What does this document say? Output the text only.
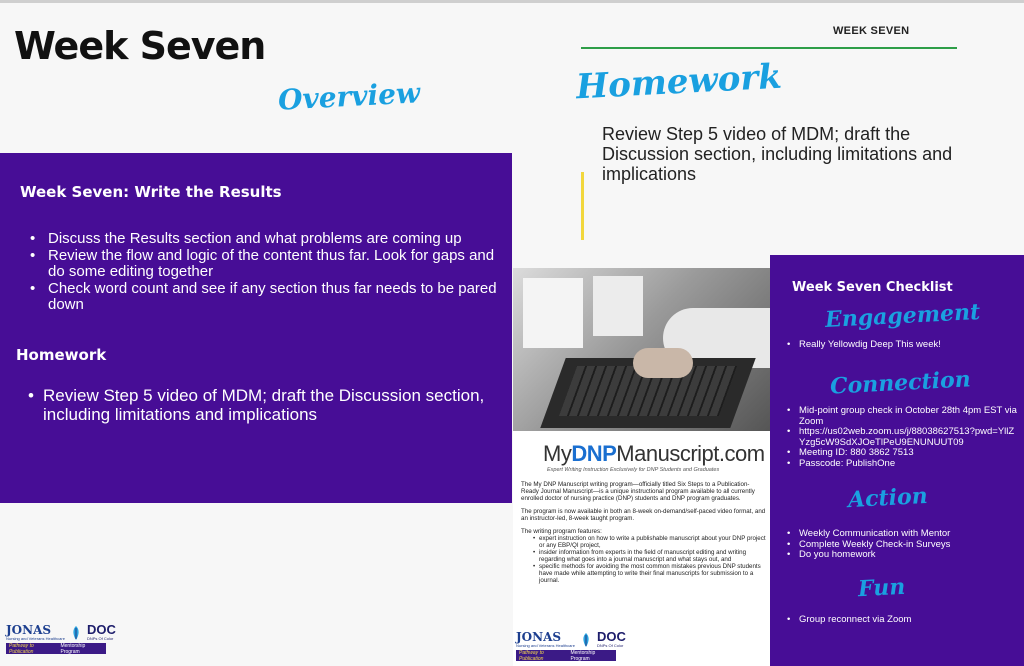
Week Seven
Overview
WEEK SEVEN
Homework
Review Step 5 video of MDM; draft the Discussion section, including limitations and implications
Week Seven: Write the Results
• Discuss the Results section and what problems are coming up
• Review the flow and logic of the content thus far. Look for gaps and do some editing together
• Check word count and see if any section thus far needs to be pared down
Homework
• Review Step 5 video of MDM; draft the Discussion section, including limitations and implications
JONAS
Nursing and Veterans Healthcare
DOC
DNPs Of Color
Pathway to Publication
Mentorship Program
MyDNPManuscript.com
Expert Writing Instruction Exclusively for DNP Students and Graduates

The My DNP Manuscript writing program—officially titled Six Steps to a Publication-Ready Journal Manuscript—is a unique instructional program available to all currently enrolled doctor of nursing practice (DNP) students and DNP program graduates.

The program is now available in both an 8-week on-demand/self-paced video format, and an instructor-led, 8-week taught program.

The writing program features:

• expert instruction on how to write a publishable manuscript about your DNP project or any EBP/QI project,
• insider information from experts in the field of manuscript editing and writing regarding what goes into a journal manuscript and what stays out, and
• specific methods for avoiding the most common mistakes previous DNP students have made while attempting to write their final manuscripts for submission to a journal.
JONAS
Nursing and Veterans Healthcare
DOC
DNPs Of Color
Pathway to Publication
Mentorship Program
Week Seven Checklist
Engagement
• Really Yellowdig Deep This week!
Connection
• Mid-point group check in October 28th 4pm EST via Zoom
• https://us02web.zoom.us/j/88038627513?pwd=YllZYzg5cW9SdXJOeTlPeU9ENUNUUT09
• Meeting ID: 880 3862 7513
• Passcode: PublishOne
Action
• Weekly Communication with Mentor
• Complete Weekly Check-in Surveys
• Do you homework
Fun
• Group reconnect via Zoom
